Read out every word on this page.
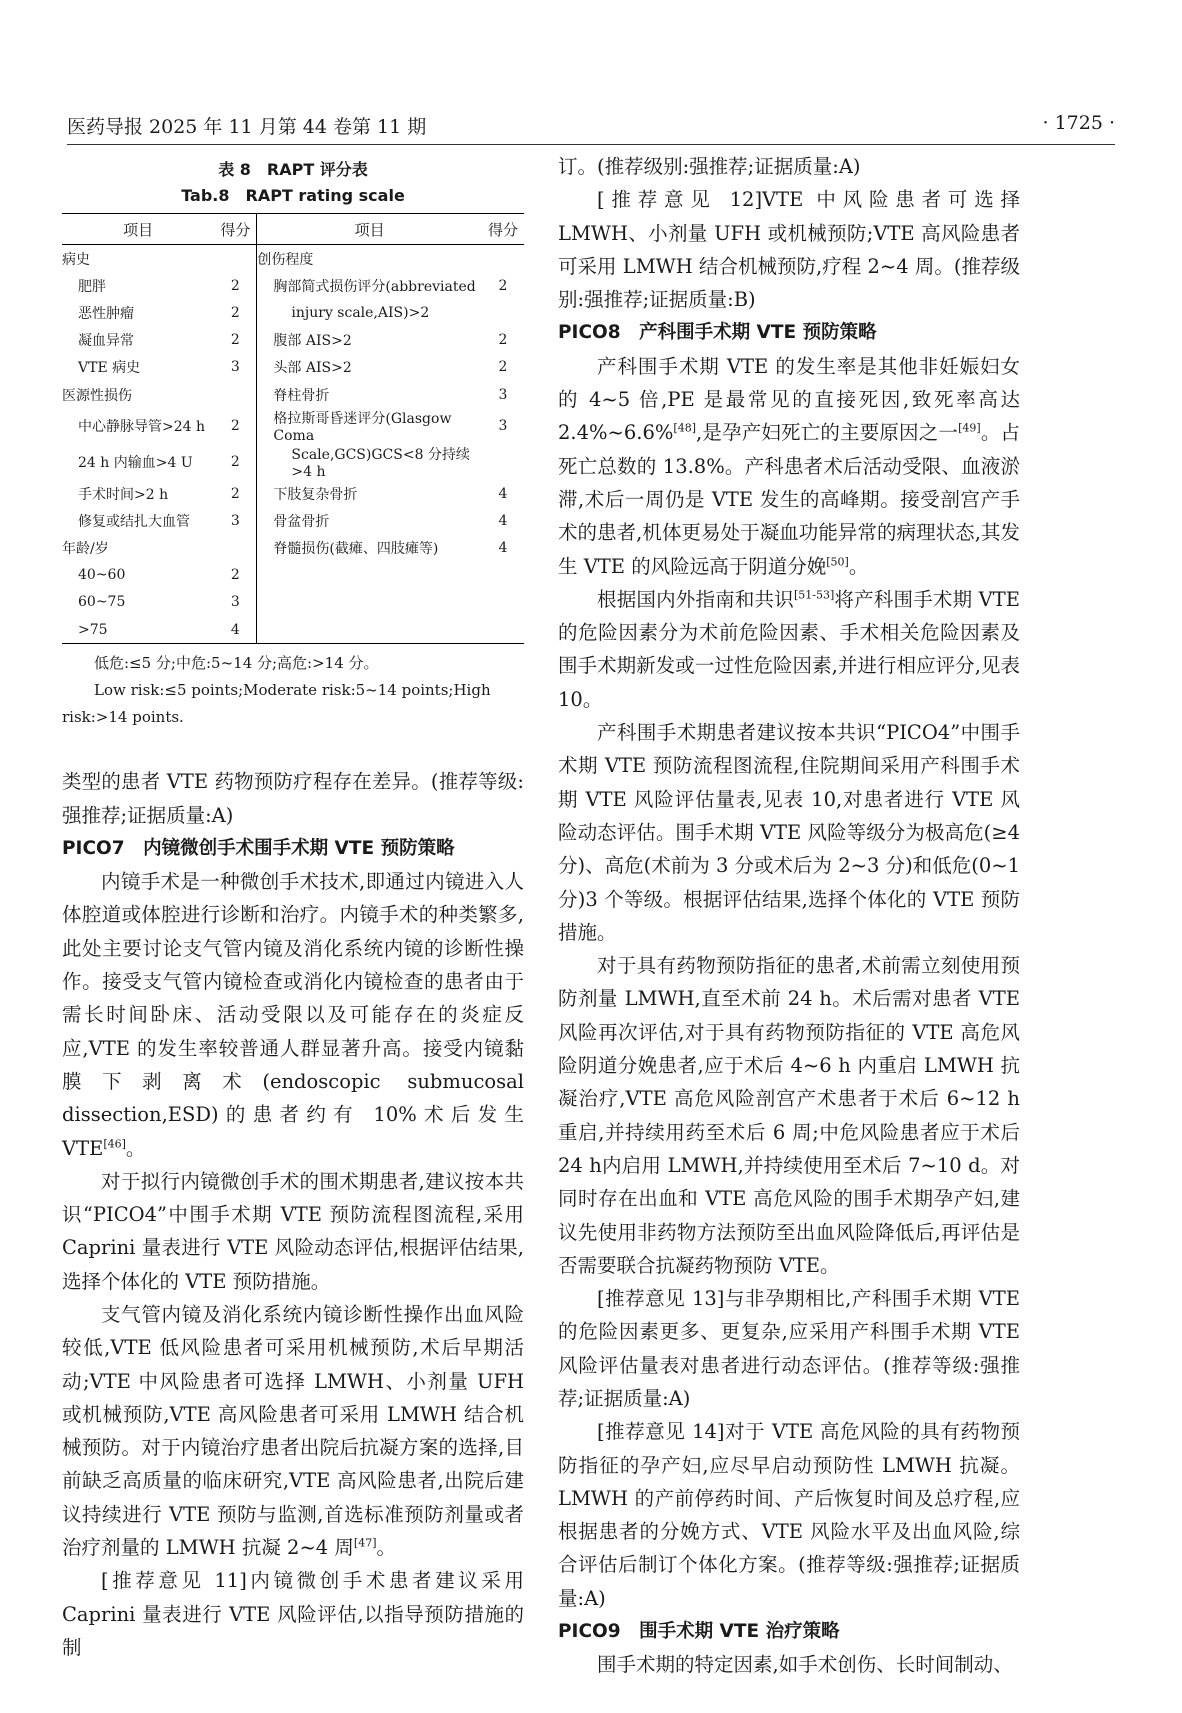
医药导报 2025 年 11 月第 44 卷第 11 期	· 1725 ·
表 8　RAPT 评分表
Tab.8　RAPT rating scale
项目	得分	项目	得分
病史		创伤程度	
肥胖	2	胸部简式损伤评分(abbreviated	2
恶性肿瘤	2	injury scale,AIS)>2	
凝血异常	2	腹部 AIS>2	2
VTE 病史	3	头部 AIS>2	2
医源性损伤		脊柱骨折	3
中心静脉导管>24 h	2	格拉斯哥昏迷评分(Glasgow Coma	3
24 h 内输血>4 U	2	Scale,GCS)GCS<8 分持续>4 h	
手术时间>2 h	2	下肢复杂骨折	4
修复或结扎大血管	3	骨盆骨折	4
年龄/岁		脊髓损伤(截瘫、四肢瘫等)	4
40~60	2		
60~75	3		
>75	4		
低危:≤5 分;中危:5~14 分;高危:>14 分。
Low risk:≤5 points;Moderate risk:5~14 points;High risk:>14 points.

类型的患者 VTE 药物预防疗程存在差异。(推荐等级:强推荐;证据质量:A)

PICO7　内镜微创手术围手术期 VTE 预防策略

内镜手术是一种微创手术技术,即通过内镜进入人体腔道或体腔进行诊断和治疗。内镜手术的种类繁多,此处主要讨论支气管内镜及消化系统内镜的诊断性操作。接受支气管内镜检查或消化内镜检查的患者由于需长时间卧床、活动受限以及可能存在的炎症反应,VTE 的发生率较普通人群显著升高。接受内镜黏膜下剥离术(endoscopic submucosal dissection,ESD)的患者约有 10%术后发生 VTE[46]。

对于拟行内镜微创手术的围术期患者,建议按本共识“PICO4”中围手术期 VTE 预防流程图流程,采用 Caprini 量表进行 VTE 风险动态评估,根据评估结果,选择个体化的 VTE 预防措施。

支气管内镜及消化系统内镜诊断性操作出血风险较低,VTE 低风险患者可采用机械预防,术后早期活动;VTE 中风险患者可选择 LMWH、小剂量 UFH 或机械预防,VTE 高风险患者可采用 LMWH 结合机械预防。对于内镜治疗患者出院后抗凝方案的选择,目前缺乏高质量的临床研究,VTE 高风险患者,出院后建议持续进行 VTE 预防与监测,首选标准预防剂量或者治疗剂量的 LMWH 抗凝 2~4 周[47]。

[推荐意见 11]内镜微创手术患者建议采用 Caprini 量表进行 VTE 风险评估,以指导预防措施的制

订。(推荐级别:强推荐;证据质量:A)

[推荐意见 12]VTE 中风险患者可选择 LMWH、小剂量 UFH 或机械预防;VTE 高风险患者可采用 LMWH 结合机械预防,疗程 2~4 周。(推荐级别:强推荐;证据质量:B)

PICO8　产科围手术期 VTE 预防策略

产科围手术期 VTE 的发生率是其他非妊娠妇女的 4~5 倍,PE 是最常见的直接死因,致死率高达 2.4%~6.6%[48],是孕产妇死亡的主要原因之一[49]。占死亡总数的 13.8%。产科患者术后活动受限、血液淤滞,术后一周仍是 VTE 发生的高峰期。接受剖宫产手术的患者,机体更易处于凝血功能异常的病理状态,其发生 VTE 的风险远高于阴道分娩[50]。

根据国内外指南和共识[51-53]将产科围手术期 VTE 的危险因素分为术前危险因素、手术相关危险因素及围手术期新发或一过性危险因素,并进行相应评分,见表 10。

产科围手术期患者建议按本共识“PICO4”中围手术期 VTE 预防流程图流程,住院期间采用产科围手术期 VTE 风险评估量表,见表 10,对患者进行 VTE 风险动态评估。围手术期 VTE 风险等级分为极高危(≥4 分)、高危(术前为 3 分或术后为 2~3 分)和低危(0~1 分)3 个等级。根据评估结果,选择个体化的 VTE 预防措施。

对于具有药物预防指征的患者,术前需立刻使用预防剂量 LMWH,直至术前 24 h。术后需对患者 VTE 风险再次评估,对于具有药物预防指征的 VTE 高危风险阴道分娩患者,应于术后 4~6 h 内重启 LMWH 抗凝治疗,VTE 高危风险剖宫产术患者于术后 6~12 h 重启,并持续用药至术后 6 周;中危风险患者应于术后 24 h内启用 LMWH,并持续使用至术后 7~10 d。对同时存在出血和 VTE 高危风险的围手术期孕产妇,建议先使用非药物方法预防至出血风险降低后,再评估是否需要联合抗凝药物预防 VTE。

[推荐意见 13]与非孕期相比,产科围手术期 VTE 的危险因素更多、更复杂,应采用产科围手术期 VTE 风险评估量表对患者进行动态评估。(推荐等级:强推荐;证据质量:A)

[推荐意见 14]对于 VTE 高危风险的具有药物预防指征的孕产妇,应尽早启动预防性 LMWH 抗凝。LMWH 的产前停药时间、产后恢复时间及总疗程,应根据患者的分娩方式、VTE 风险水平及出血风险,综合评估后制订个体化方案。(推荐等级:强推荐;证据质量:A)

PICO9　围手术期 VTE 治疗策略

围手术期的特定因素,如手术创伤、长时间制动、
